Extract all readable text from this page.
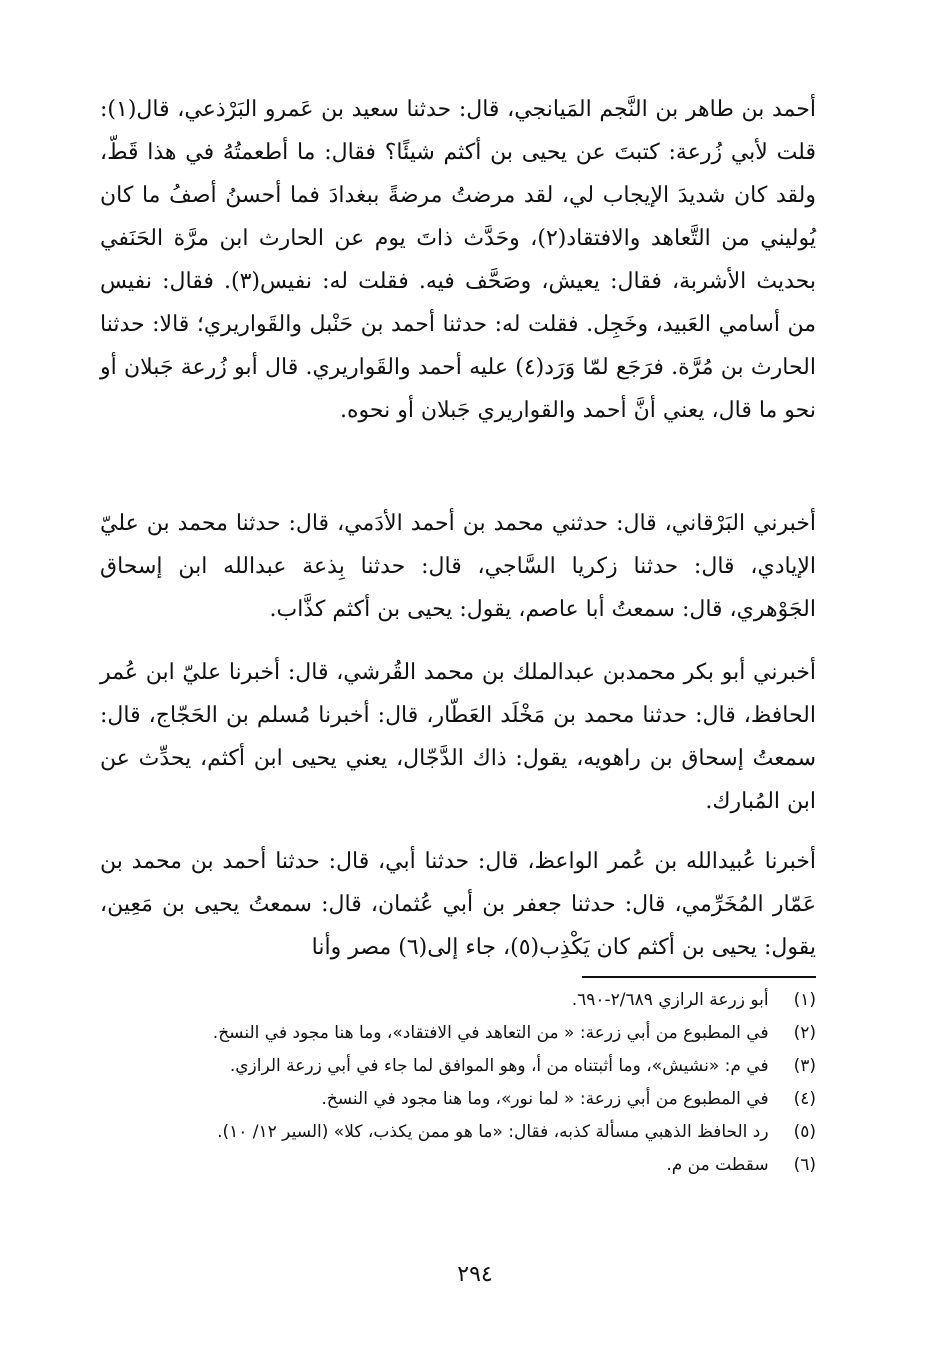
أحمد بن طاهر بن النَّجم المَيانجي، قال: حدثنا سعيد بن عَمرو البَرْذعي، قال(١): قلت لأبي زُرعة: كتبتَ عن يحيى بن أكثم شيئًا؟ فقال: ما أطعمتُهُ في هذا قَطّ، ولقد كان شديدَ الإيجاب لي، لقد مرضتُ مرضةً ببغدادَ فما أحسنُ أصفُ ما كان يُوليني من التَّعاهد والافتقاد(٢)، وحَدَّث ذاتَ يوم عن الحارث ابن مرَّة الحَنَفي بحديث الأشربة، فقال: يعيش، وصَحَّف فيه. فقلت له: نفيس(٣). فقال: نفيس من أسامي العَبيد، وخَجِل. فقلت له: حدثنا أحمد بن حَنْبل والقَواريري؛ قالا: حدثنا الحارث بن مُرَّة. فرَجَع لمّا وَرَد(٤) عليه أحمد والقَواريري. قال أبو زُرعة جَبلان أو نحو ما قال، يعني أنَّ أحمد والقواريري جَبلان أو نحوه.

أخبرني البَرْقاني، قال: حدثني محمد بن أحمد الأدَمي، قال: حدثنا محمد بن عليّ الإيادي، قال: حدثنا زكريا السَّاجي، قال: حدثنا بِذعة عبدالله ابن إسحاق الجَوْهري، قال: سمعتُ أبا عاصم، يقول: يحيى بن أكثم كذَّاب.

أخبرني أبو بكر محمدبن عبدالملك بن محمد القُرشي، قال: أخبرنا عليّ ابن عُمر الحافظ، قال: حدثنا محمد بن مَخْلَد العَطّار، قال: أخبرنا مُسلم بن الحَجّاج، قال: سمعتُ إسحاق بن راهويه، يقول: ذاك الدَّجّال، يعني يحيى ابن أكثم، يحدِّث عن ابن المُبارك.

أخبرنا عُبيدالله بن عُمر الواعظ، قال: حدثنا أبي، قال: حدثنا أحمد بن محمد بن عَمّار المُخَرِّمي، قال: حدثنا جعفر بن أبي عُثمان، قال: سمعتُ يحيى بن مَعِين، يقول: يحيى بن أكثم كان يَكْذِب(٥)، جاء إلى(٦) مصر وأنا

(١) أبو زرعة الرازي ٢/٦٨٩-٦٩٠.
(٢) في المطبوع من أبي زرعة: « من التعاهد في الافتقاد»، وما هنا مجود في النسخ.
(٣) في م: «نشيش»، وما أثبتناه من أ، وهو الموافق لما جاء في أبي زرعة الرازي.
(٤) في المطبوع من أبي زرعة: « لما نور»، وما هنا مجود في النسخ.
(٥) رد الحافظ الذهبي مسألة كذبه، فقال: «ما هو ممن يكذب، كلا» (السير ١٢/ ١٠).
(٦) سقطت من م.
٢٩٤
